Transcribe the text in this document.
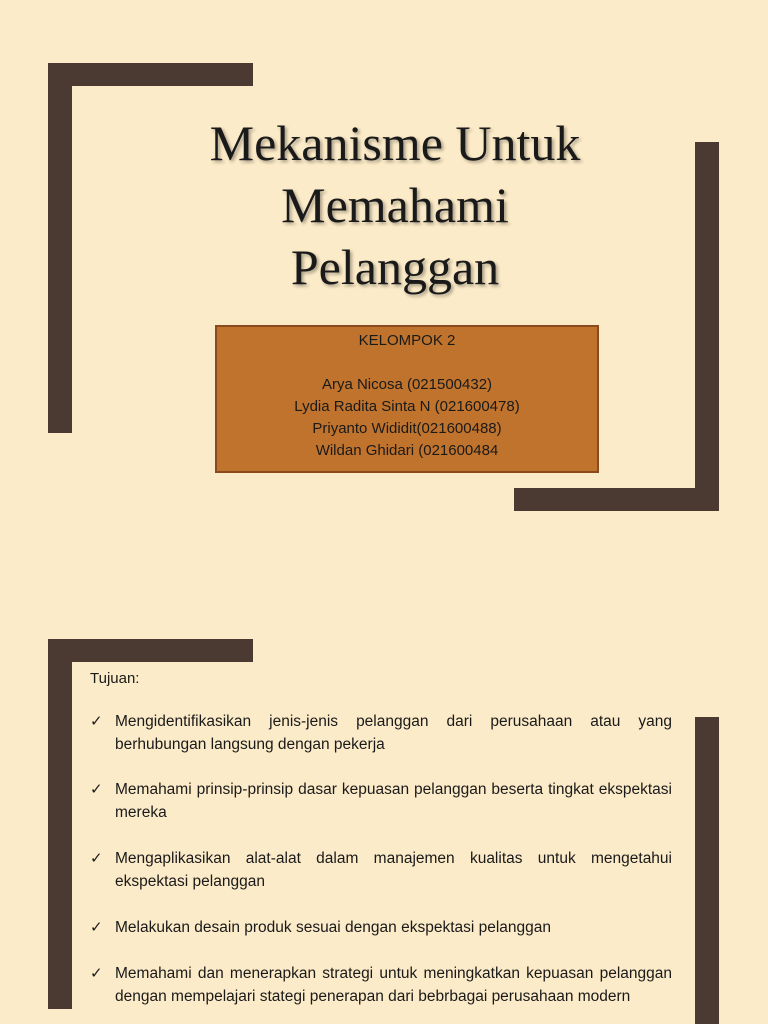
Mekanisme Untuk
Memahami
Pelanggan
KELOMPOK 2
Arya Nicosa (021500432)
Lydia Radita Sinta N (021600478)
Priyanto Wididit(021600488)
Wildan Ghidari (021600484
Tujuan:
✓ Mengidentifikasikan jenis-jenis pelanggan dari perusahaan atau yang berhubungan langsung dengan pekerja
✓ Memahami prinsip-prinsip dasar kepuasan pelanggan beserta tingkat ekspektasi mereka
✓ Mengaplikasikan alat-alat dalam manajemen kualitas untuk mengetahui ekspektasi pelanggan
✓ Melakukan desain produk sesuai dengan ekspektasi pelanggan
✓ Memahami dan menerapkan strategi untuk meningkatkan kepuasan pelanggan dengan mempelajari stategi penerapan dari bebrbagai perusahaan modern
